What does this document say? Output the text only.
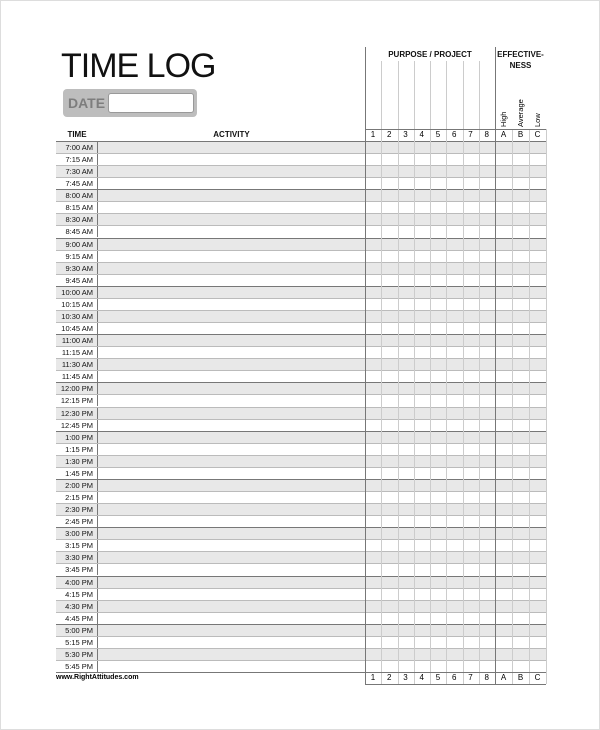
TIME LOG
DATE
TIME	ACTIVITY
PURPOSE / PROJECT	EFFECTIVE-
NESS
High Average Low
7:00 AM
7:15 AM
7:30 AM
7:45 AM
8:00 AM
8:15 AM
8:30 AM
8:45 AM
9:00 AM
9:15 AM
9:30 AM
9:45 AM
10:00 AM
10:15 AM
10:30 AM
10:45 AM
11:00 AM
11:15 AM
11:30 AM
11:45 AM
12:00 PM
12:15 PM
12:30 PM
12:45 PM
1:00 PM
1:15 PM
1:30 PM
1:45 PM
2:00 PM
2:15 PM
2:30 PM
2:45 PM
3:00 PM
3:15 PM
3:30 PM
3:45 PM
4:00 PM
4:15 PM
4:30 PM
4:45 PM
5:00 PM
5:15 PM
5:30 PM
5:45 PM
1	2	3	4	5	6	7	8	A	B	C
1	2	3	4	5	6	7	8	A	B	C
www.RightAttitudes.com
